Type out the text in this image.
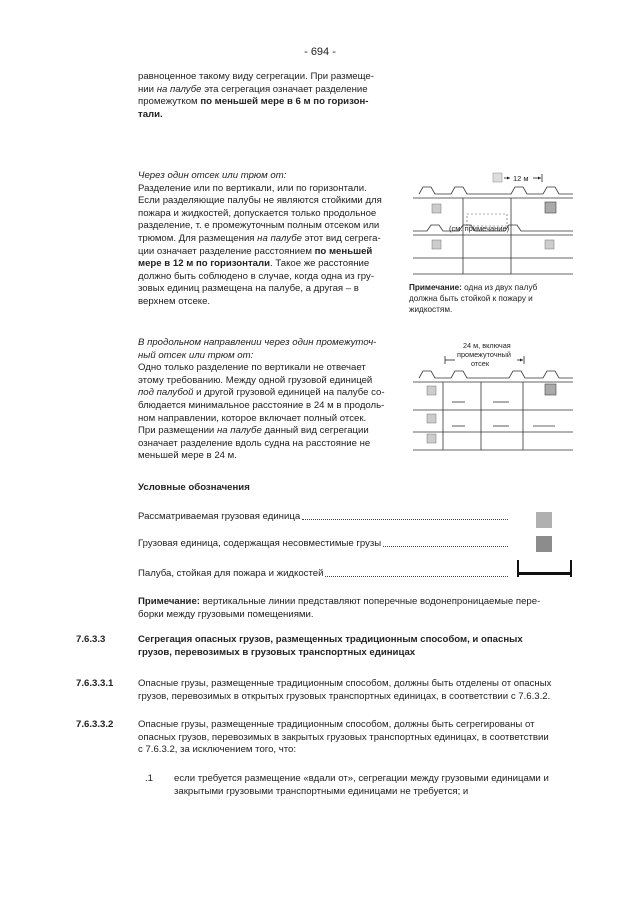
- 694 -
равноценное такому виду сегрегации. При размеще-
нии на палубе эта сегрегация означает разделение
промежутком по меньшей мере в 6 м по горизон-
тали.
Через один отсек или трюм от:
Разделение или по вертикали, или по горизонтали.
Если разделяющие палубы не являются стойкими для
пожара и жидкостей, допускается только продольное
разделение, т. е промежуточным полным отсеком или
трюмом. Для размещения на палубе этот вид сегрега-
ции означает разделение расстоянием по меньшей
мере в 12 м по горизонтали. Такое же расстояние
должно быть соблюдено в случае, когда одна из гру-
зовых единиц размещена на палубе, а другая – в
верхнем отсеке.
12 м
(см. примечание)
Примечание: одна из двух палуб
должна быть стойкой к пожару и
жидкостям.
В продольном направлении через один промежуточ-
ный отсек или трюм от:
Одно только разделение по вертикали не отвечает
этому требованию. Между одной грузовой единицей
под палубой и другой грузовой единицей на палубе со-
блюдается минимальное расстояние в 24 м в продоль-
ном направлении, которое включает полный отсек.
При размещении на палубе данный вид сегрегации
означает разделение вдоль судна на расстояние не
меньшей мере в 24 м.
24 м, включая
промежуточный
отсек
Условные обозначения
Рассматриваемая грузовая единица
Грузовая единица, содержащая несовместимые грузы
Палуба, стойкая для пожара и жидкостей
Примечание: вертикальные линии представляют поперечные водонепроницаемые пере-
борки между грузовыми помещениями.
7.6.3.3	Сегрегация опасных грузов, размещенных традиционным способом, и опасных
грузов, перевозимых в грузовых транспортных единицах
7.6.3.3.1	Опасные грузы, размещенные традиционным способом, должны быть отделены от опасных
грузов, перевозимых в открытых грузовых транспортных единицах, в соответствии с 7.6.3.2.
7.6.3.3.2	Опасные грузы, размещенные традиционным способом, должны быть сегрегированы от
опасных грузов, перевозимых в закрытых грузовых транспортных единицах, в соответствии
с 7.6.3.2, за исключением того, что:
.1 если требуется размещение «вдали от», сегрегации между грузовыми единицами и
закрытыми грузовыми транспортными единицами не требуется; и
